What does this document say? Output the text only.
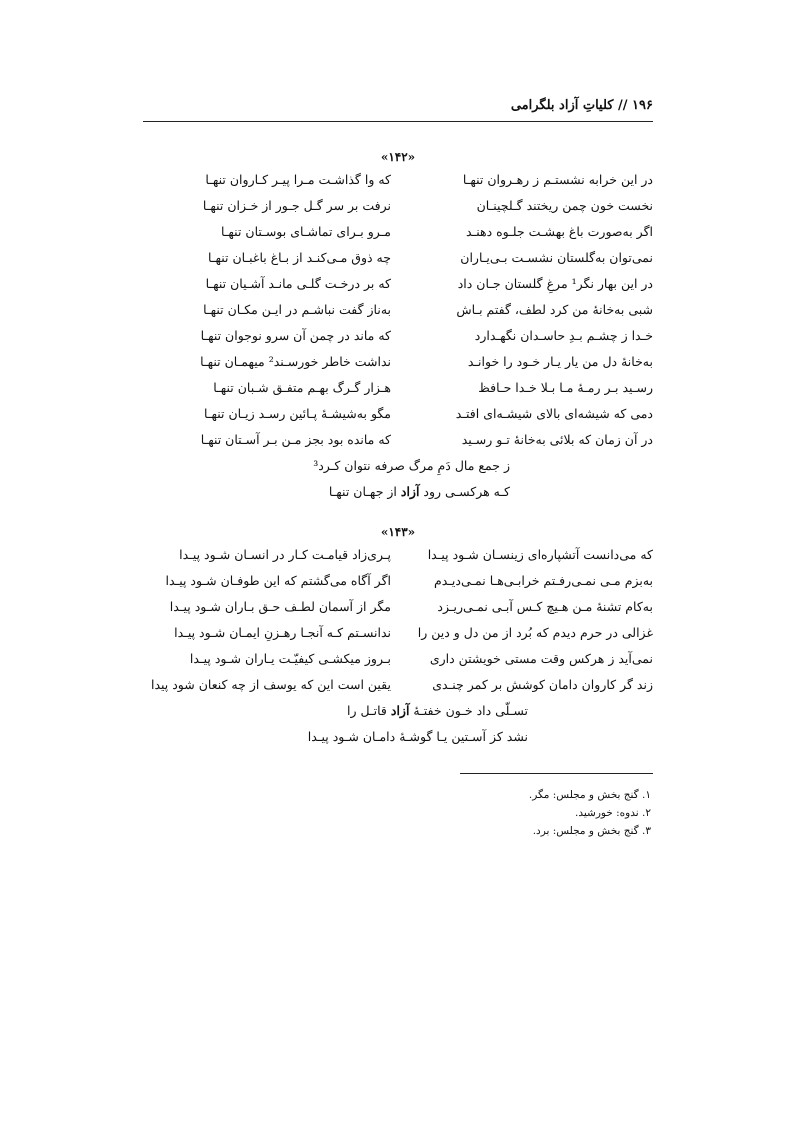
۱۹۶ // کلیاتِ آزاد بلگرامی
«۱۴۲»
در این خرابه نشستـم ز رهـروان تنهـا
که وا گذاشـت مـرا پیـر کـاروان تنهـا
نخست خون چمن ریختند گـلچینـان
نرفت بر سر گـل جـور از خـزان تنهـا
اگر به‌صورت باغ بهشـت جلـوه دهنـد
مـرو بـرای تماشـای بوسـتان تنهـا
نمی‌توان به‌گلستان نشسـت بـی‌یـاران
چه ذوق مـی‌کنـد از بـاغ باغبـان تنهـا
در این بهار نگر¹ مرغِ گلستان جـان داد
که بر درخـت گلـی مانـد آشـیان تنهـا
شبی به‌خانهٔ من کرد لطف، گفتم بـاش
به‌ناز گفت نباشـم در ایـن مکـان تنهـا
خـدا ز چشـم بـدِ حاسـدان نگهـدارد
که ماند در چمن آن سرو نوجوان تنهـا
به‌خانهٔ دل من یار یـار خـود را خوانـد
نداشت خاطر خورسـند² میهمـان تنهـا
رسـید بـر رمـهٔ مـا بـلا خـدا حـافظ
هـزار گـرگ بهـم متفـق شـبان تنهـا
دمی که شیشه‌ای بالای شیشـه‌ای افتـد
مگو به‌شیشـهٔ پـائین رسـد زیـان تنهـا
در آن زمان که بلائی به‌خانهٔ تـو رسـید
که مانده بود بجز مـن بـر آسـتان تنهـا
ز جمع مال دَمِ مرگ صرفه نتوان کـرد³
کـه هرکسـی رود آزاد از جهـان تنهـا
«۱۴۳»
که می‌دانست آتشپاره‌ای زینسـان شـود پیـدا
پـری‌زاد قیامـت کـار در انسـان شـود پیـدا
به‌بزم مـی نمـی‌رفـتم خرابـی‌هـا نمـی‌دیـدم
اگر آگاه می‌گشتم که این طوفـان شـود پیـدا
به‌کام تشنهٔ مـن هـیچ کـس آبـی نمـی‌ریـزد
مگر از آسمان لطـف حـق بـاران شـود پیـدا
غزالی در حرم دیدم که بُرد از من دل و دین را
ندانسـتم کـه آنجـا رهـزنِ ایمـان شـود پیـدا
نمی‌آید ز هرکس وقت مستی خویشتن داری
بـروز میکشـی کیفیّـت یـاران شـود پیـدا
زند گر کاروان دامان کوشش بر کمر چنـدی
یقین است این که یوسف از چه کنعان شود پیدا
تسـلّی داد خـون خفتـهٔ آزاد قاتـل را
نشد کز آسـتین یـا گوشـهٔ دامـان شـود پیـدا
۱. گنج بخش و مجلس: مگر.
۲. ندوه: خورشید.
۳. گنج بخش و مجلس: برد.
